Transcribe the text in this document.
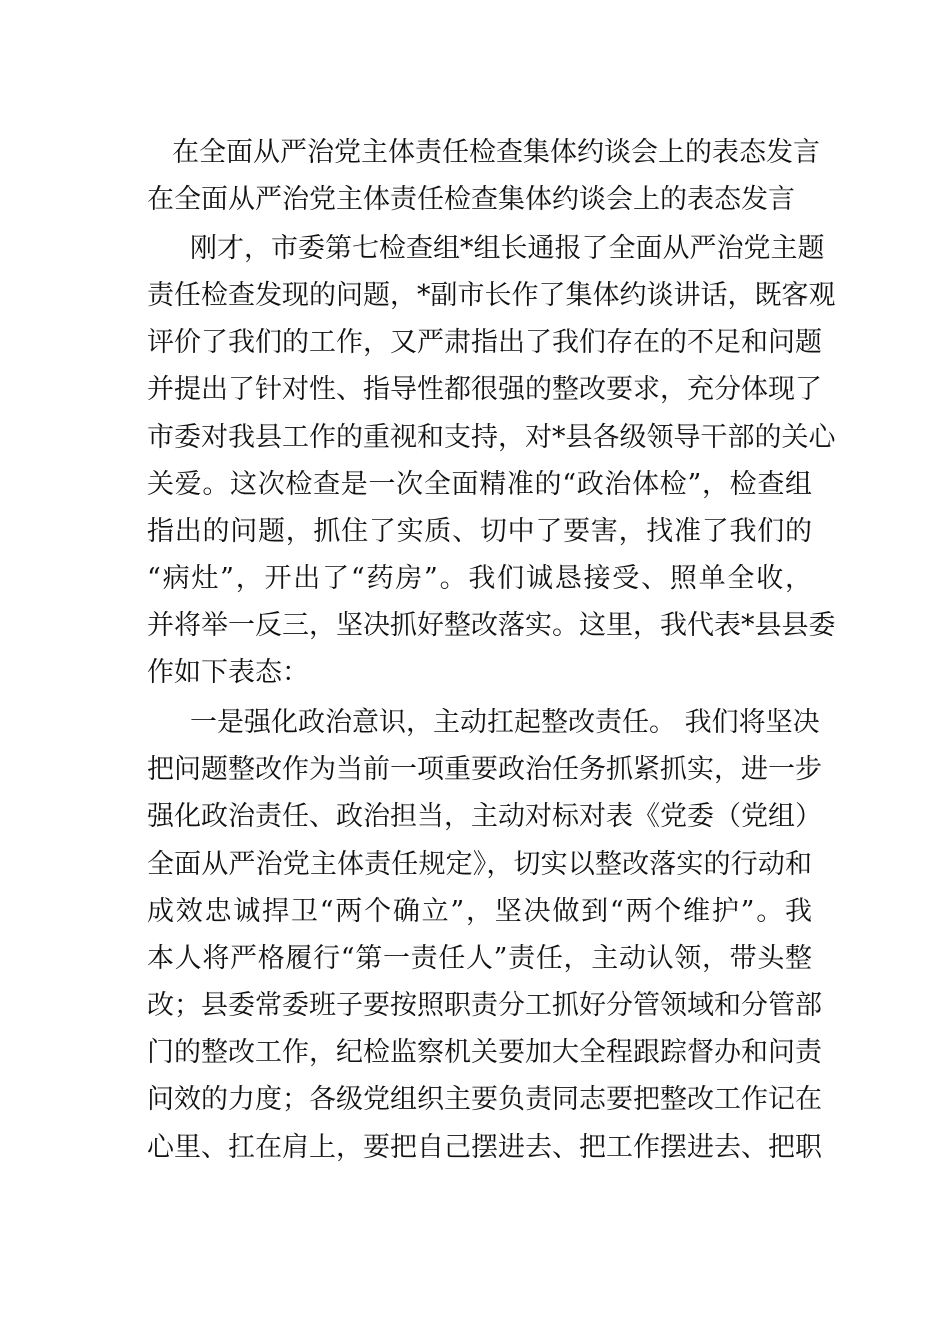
在全面从严治党主体责任检查集体约谈会上的表态发言
在全面从严治党主体责任检查集体约谈会上的表态发言
刚才，市委第七检查组*组长通报了全面从严治党主题
责任检查发现的问题，*副市长作了集体约谈讲话，既客观
评价了我们的工作，又严肃指出了我们存在的不足和问题
并提出了针对性、指导性都很强的整改要求，充分体现了
市委对我县工作的重视和支持，对*县各级领导干部的关心
关爱。这次检查是一次全面精准的“政治体检”，检查组
指出的问题，抓住了实质、切中了要害，找准了我们的
“病灶”，开出了“药房”。我们诚恳接受、照单全收，
并将举一反三，坚决抓好整改落实。这里，我代表*县县委
作如下表态：
一是强化政治意识，主动扛起整改责任。 我们将坚决
把问题整改作为当前一项重要政治任务抓紧抓实，进一步
强化政治责任、政治担当，主动对标对表《党委（党组）
全面从严治党主体责任规定》，切实以整改落实的行动和
成效忠诚捍卫“两个确立”，坚决做到“两个维护”。我
本人将严格履行“第一责任人”责任，主动认领，带头整
改；县委常委班子要按照职责分工抓好分管领域和分管部
门的整改工作，纪检监察机关要加大全程跟踪督办和问责
问效的力度；各级党组织主要负责同志要把整改工作记在
心里、扛在肩上，要把自己摆进去、把工作摆进去、把职
